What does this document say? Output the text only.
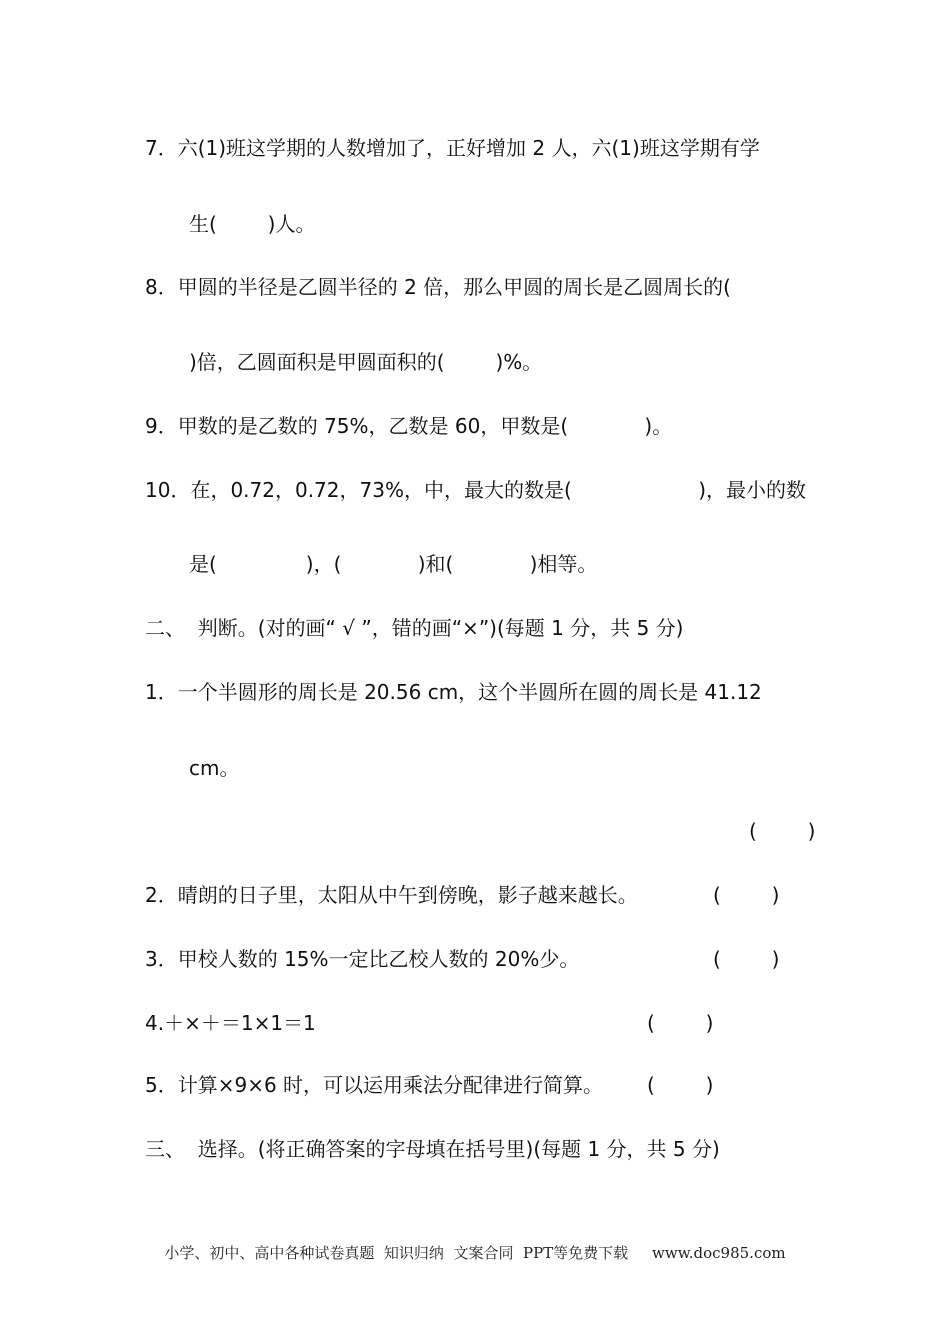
7．六(1)班这学期的人数增加了，正好增加 2 人，六(1)班这学期有学
生(        )人。
8．甲圆的半径是乙圆半径的 2 倍，那么甲圆的周长是乙圆周长的(
)倍，乙圆面积是甲圆面积的(        )%。
9．甲数的是乙数的 75%，乙数是 60，甲数是(            )。
10．在，0.72，0.72，73%，中，最大的数是(	)，最小的数
是(              )，(            )和(            )相等。
二、  判断。(对的画“ √ ”，错的画“×”)(每题 1 分，共 5 分)
1．一个半圆形的周长是 20.56 cm，这个半圆所在圆的周长是 41.12
cm。
(        )
2．晴朗的日子里，太阳从中午到傍晚，影子越来越长。	(        )
3．甲校人数的 15%一定比乙校人数的 20%少。	(        )
4.＋×＋＝1×1＝1	(        )
5．计算×9×6 时，可以运用乘法分配律进行简算。 (        )
三、  选择。(将正确答案的字母填在括号里)(每题 1 分，共 5 分)
小学、初中、高中各种试卷真题  知识归纳  文案合同  PPT等免费下载     www.doc985.com
